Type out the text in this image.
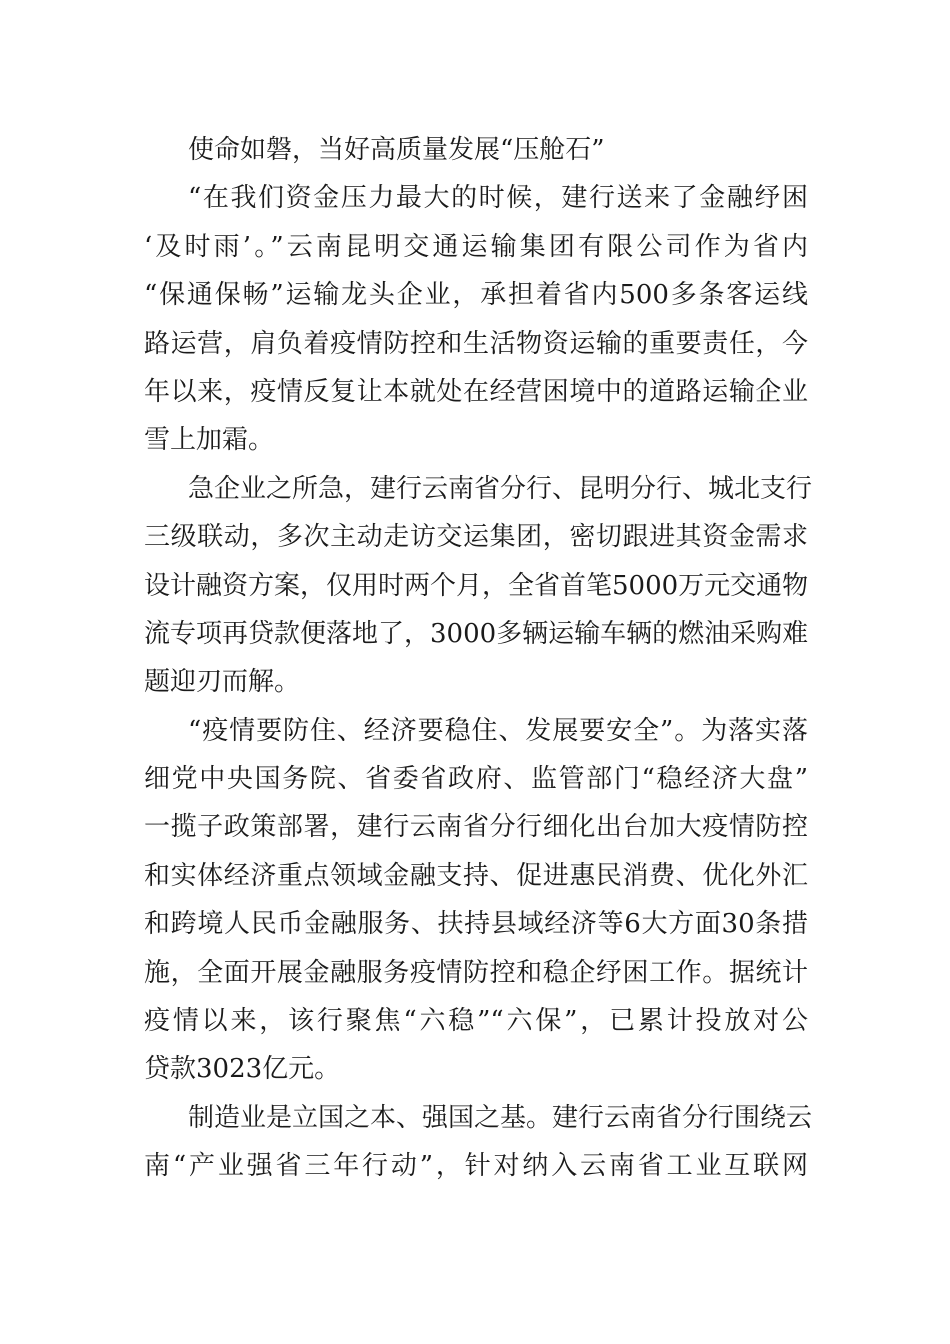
使命如磐，当好高质量发展“压舱石”
“在我们资金压力最大的时候，建行送来了金融纾困
‘及时雨’。”云南昆明交通运输集团有限公司作为省内
“保通保畅”运输龙头企业，承担着省内500多条客运线
路运营，肩负着疫情防控和生活物资运输的重要责任，今
年以来，疫情反复让本就处在经营困境中的道路运输企业
雪上加霜。
急企业之所急，建行云南省分行、昆明分行、城北支行
三级联动，多次主动走访交运集团，密切跟进其资金需求
设计融资方案，仅用时两个月，全省首笔5000万元交通物
流专项再贷款便落地了，3000多辆运输车辆的燃油采购难
题迎刃而解。
“疫情要防住、经济要稳住、发展要安全”。为落实落
细党中央国务院、省委省政府、监管部门“稳经济大盘”
一揽子政策部署，建行云南省分行细化出台加大疫情防控
和实体经济重点领域金融支持、促进惠民消费、优化外汇
和跨境人民币金融服务、扶持县域经济等6大方面30条措
施，全面开展金融服务疫情防控和稳企纾困工作。据统计
疫情以来，该行聚焦“六稳”“六保”，已累计投放对公
贷款3023亿元。
制造业是立国之本、强国之基。建行云南省分行围绕云
南“产业强省三年行动”，针对纳入云南省工业互联网
